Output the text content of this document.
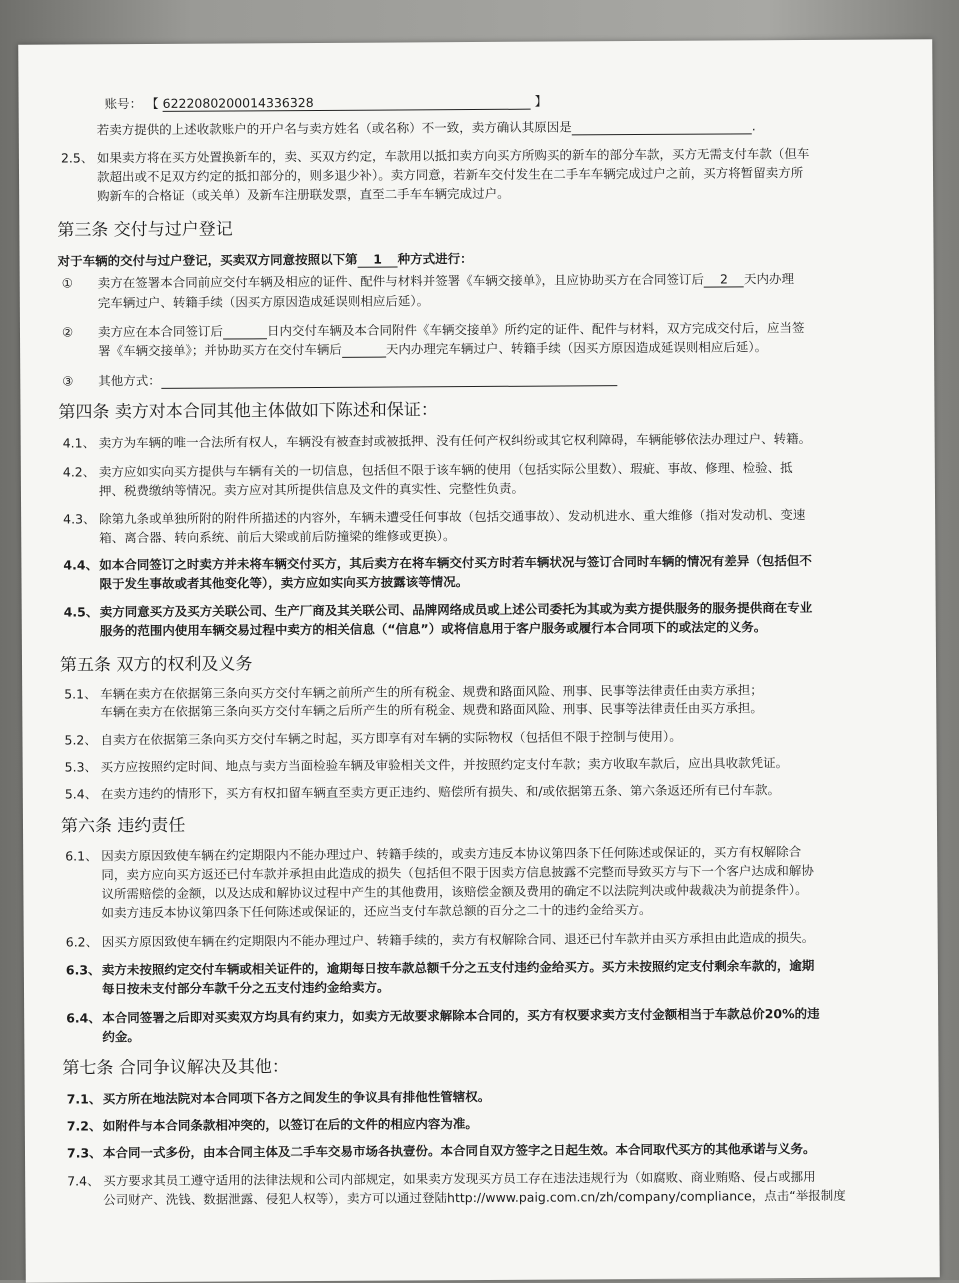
账号： 【 6222080200014336328	】
若卖方提供的上述收款账户的开户名与卖方姓名（或名称）不一致，卖方确认其原因是	.
2.5、 如果卖方将在买方处置换新车的，卖、买双方约定，车款用以抵扣卖方向买方所购买的新车的部分车款，买方无需支付车款（但车
款超出或不足双方约定的抵扣部分的，则多退少补）。卖方同意，若新车交付发生在二手车车辆完成过户之前，买方将暂留卖方所
购新车的合格证（或关单）及新车注册联发票，直至二手车车辆完成过户。
第三条 交付与过户登记
对于车辆的交付与过户登记，买卖双方同意按照以下第 1 种方式进行：
① 卖方在签署本合同前应交付车辆及相应的证件、配件与材料并签署《车辆交接单》，且应协助买方在合同签订后 2 天内办理
完车辆过户、转籍手续（因买方原因造成延误则相应后延）。
② 卖方应在本合同签订后	日内交付车辆及本合同附件《车辆交接单》所约定的证件、配件与材料，双方完成交付后，应当签
署《车辆交接单》；并协助买方在交付车辆后	天内办理完车辆过户、转籍手续（因买方原因造成延误则相应后延）。
③ 其他方式：
第四条 卖方对本合同其他主体做如下陈述和保证：
4.1、 卖方为车辆的唯一合法所有权人，车辆没有被查封或被抵押、没有任何产权纠纷或其它权利障碍，车辆能够依法办理过户、转籍。
4.2、 卖方应如实向买方提供与车辆有关的一切信息，包括但不限于该车辆的使用（包括实际公里数）、瑕疵、事故、修理、检验、抵
押、税费缴纳等情况。卖方应对其所提供信息及文件的真实性、完整性负责。
4.3、 除第九条或单独所附的附件所描述的内容外，车辆未遭受任何事故（包括交通事故）、发动机进水、重大维修（指对发动机、变速
箱、离合器、转向系统、前后大梁或前后防撞梁的维修或更换）。
4.4、 如本合同签订之时卖方并未将车辆交付买方，其后卖方在将车辆交付买方时若车辆状况与签订合同时车辆的情况有差异（包括但不
限于发生事故或者其他变化等），卖方应如实向买方披露该等情况。
4.5、 卖方同意买方及买方关联公司、生产厂商及其关联公司、品牌网络成员或上述公司委托为其或为卖方提供服务的服务提供商在专业
服务的范围内使用车辆交易过程中卖方的相关信息（“信息”）或将信息用于客户服务或履行本合同项下的或法定的义务。
第五条 双方的权利及义务
5.1、 车辆在卖方在依据第三条向买方交付车辆之前所产生的所有税金、规费和路面风险、刑事、民事等法律责任由卖方承担；
车辆在卖方在依据第三条向买方交付车辆之后所产生的所有税金、规费和路面风险、刑事、民事等法律责任由买方承担。
5.2、 自卖方在依据第三条向买方交付车辆之时起，买方即享有对车辆的实际物权（包括但不限于控制与使用）。
5.3、 买方应按照约定时间、地点与卖方当面检验车辆及审验相关文件，并按照约定支付车款；卖方收取车款后，应出具收款凭证。
5.4、 在卖方违约的情形下，买方有权扣留车辆直至卖方更正违约、赔偿所有损失、和/或依据第五条、第六条返还所有已付车款。
第六条 违约责任
6.1、 因卖方原因致使车辆在约定期限内不能办理过户、转籍手续的，或卖方违反本协议第四条下任何陈述或保证的，买方有权解除合
同，卖方应向买方返还已付车款并承担由此造成的损失（包括但不限于因卖方信息披露不完整而导致买方与下一个客户达成和解协
议所需赔偿的金额，以及达成和解协议过程中产生的其他费用，该赔偿金额及费用的确定不以法院判决或仲裁裁决为前提条件）。
如卖方违反本协议第四条下任何陈述或保证的，还应当支付车款总额的百分之二十的违约金给买方。
6.2、 因买方原因致使车辆在约定期限内不能办理过户、转籍手续的，卖方有权解除合同、退还已付车款并由买方承担由此造成的损失。
6.3、 卖方未按照约定交付车辆或相关证件的，逾期每日按车款总额千分之五支付违约金给买方。买方未按照约定支付剩余车款的，逾期
每日按未支付部分车款千分之五支付违约金给卖方。
6.4、 本合同签署之后即对买卖双方均具有约束力，如卖方无故要求解除本合同的，买方有权要求卖方支付金额相当于车款总价20%的违
约金。
第七条 合同争议解决及其他：
7.1、 买方所在地法院对本合同项下各方之间发生的争议具有排他性管辖权。
7.2、 如附件与本合同条款相冲突的，以签订在后的文件的相应内容为准。
7.3、 本合同一式多份，由本合同主体及二手车交易市场各执壹份。本合同自双方签字之日起生效。本合同取代买方的其他承诺与义务。
7.4、 买方要求其员工遵守适用的法律法规和公司内部规定，如果卖方发现买方员工存在违法违规行为（如腐败、商业贿赂、侵占或挪用
公司财产、洗钱、数据泄露、侵犯人权等），卖方可以通过登陆http://www.paig.com.cn/zh/company/compliance，点击“举报制度
